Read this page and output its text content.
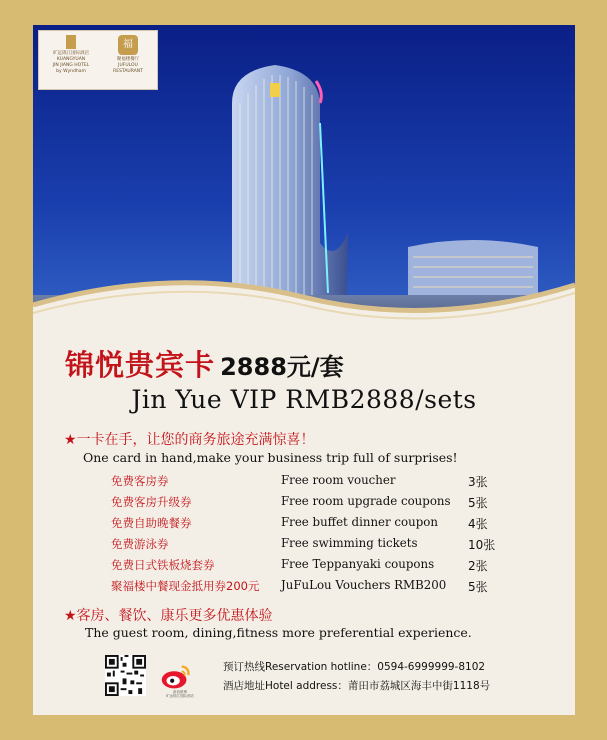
旷远锦江国际酒店
KUANGYUAN
JIN JIANG HOTEL
by Wyndham
福
聚福楼餐厅
JUFULOU
RESTAURANT
锦悦贵宾卡 2888元/套
Jin Yue VIP RMB2888/sets
★一卡在手，让您的商务旅途充满惊喜！
One card in hand,make your business trip full of surprises!
免费客房券	Free room voucher	3张
免费客房升级券	Free room upgrade coupons 5张
免费自助晚餐券	Free buffet dinner coupon	4张
免费游泳券	Free swimming tickets	10张
免费日式铁板烧套券	Free Teppanyaki coupons	2张
聚福楼中餐现金抵用券200元 JuFuLou Vouchers RMB200 5张
★客房、餐饮、康乐更多优惠体验
The guest room, dining,fitness more preferential experience.
新浪微博
旷远锦江国际酒店
预订热线Reservation hotline：0594-6999999-8102
酒店地址Hotel address：莆田市荔城区海丰中街1118号
